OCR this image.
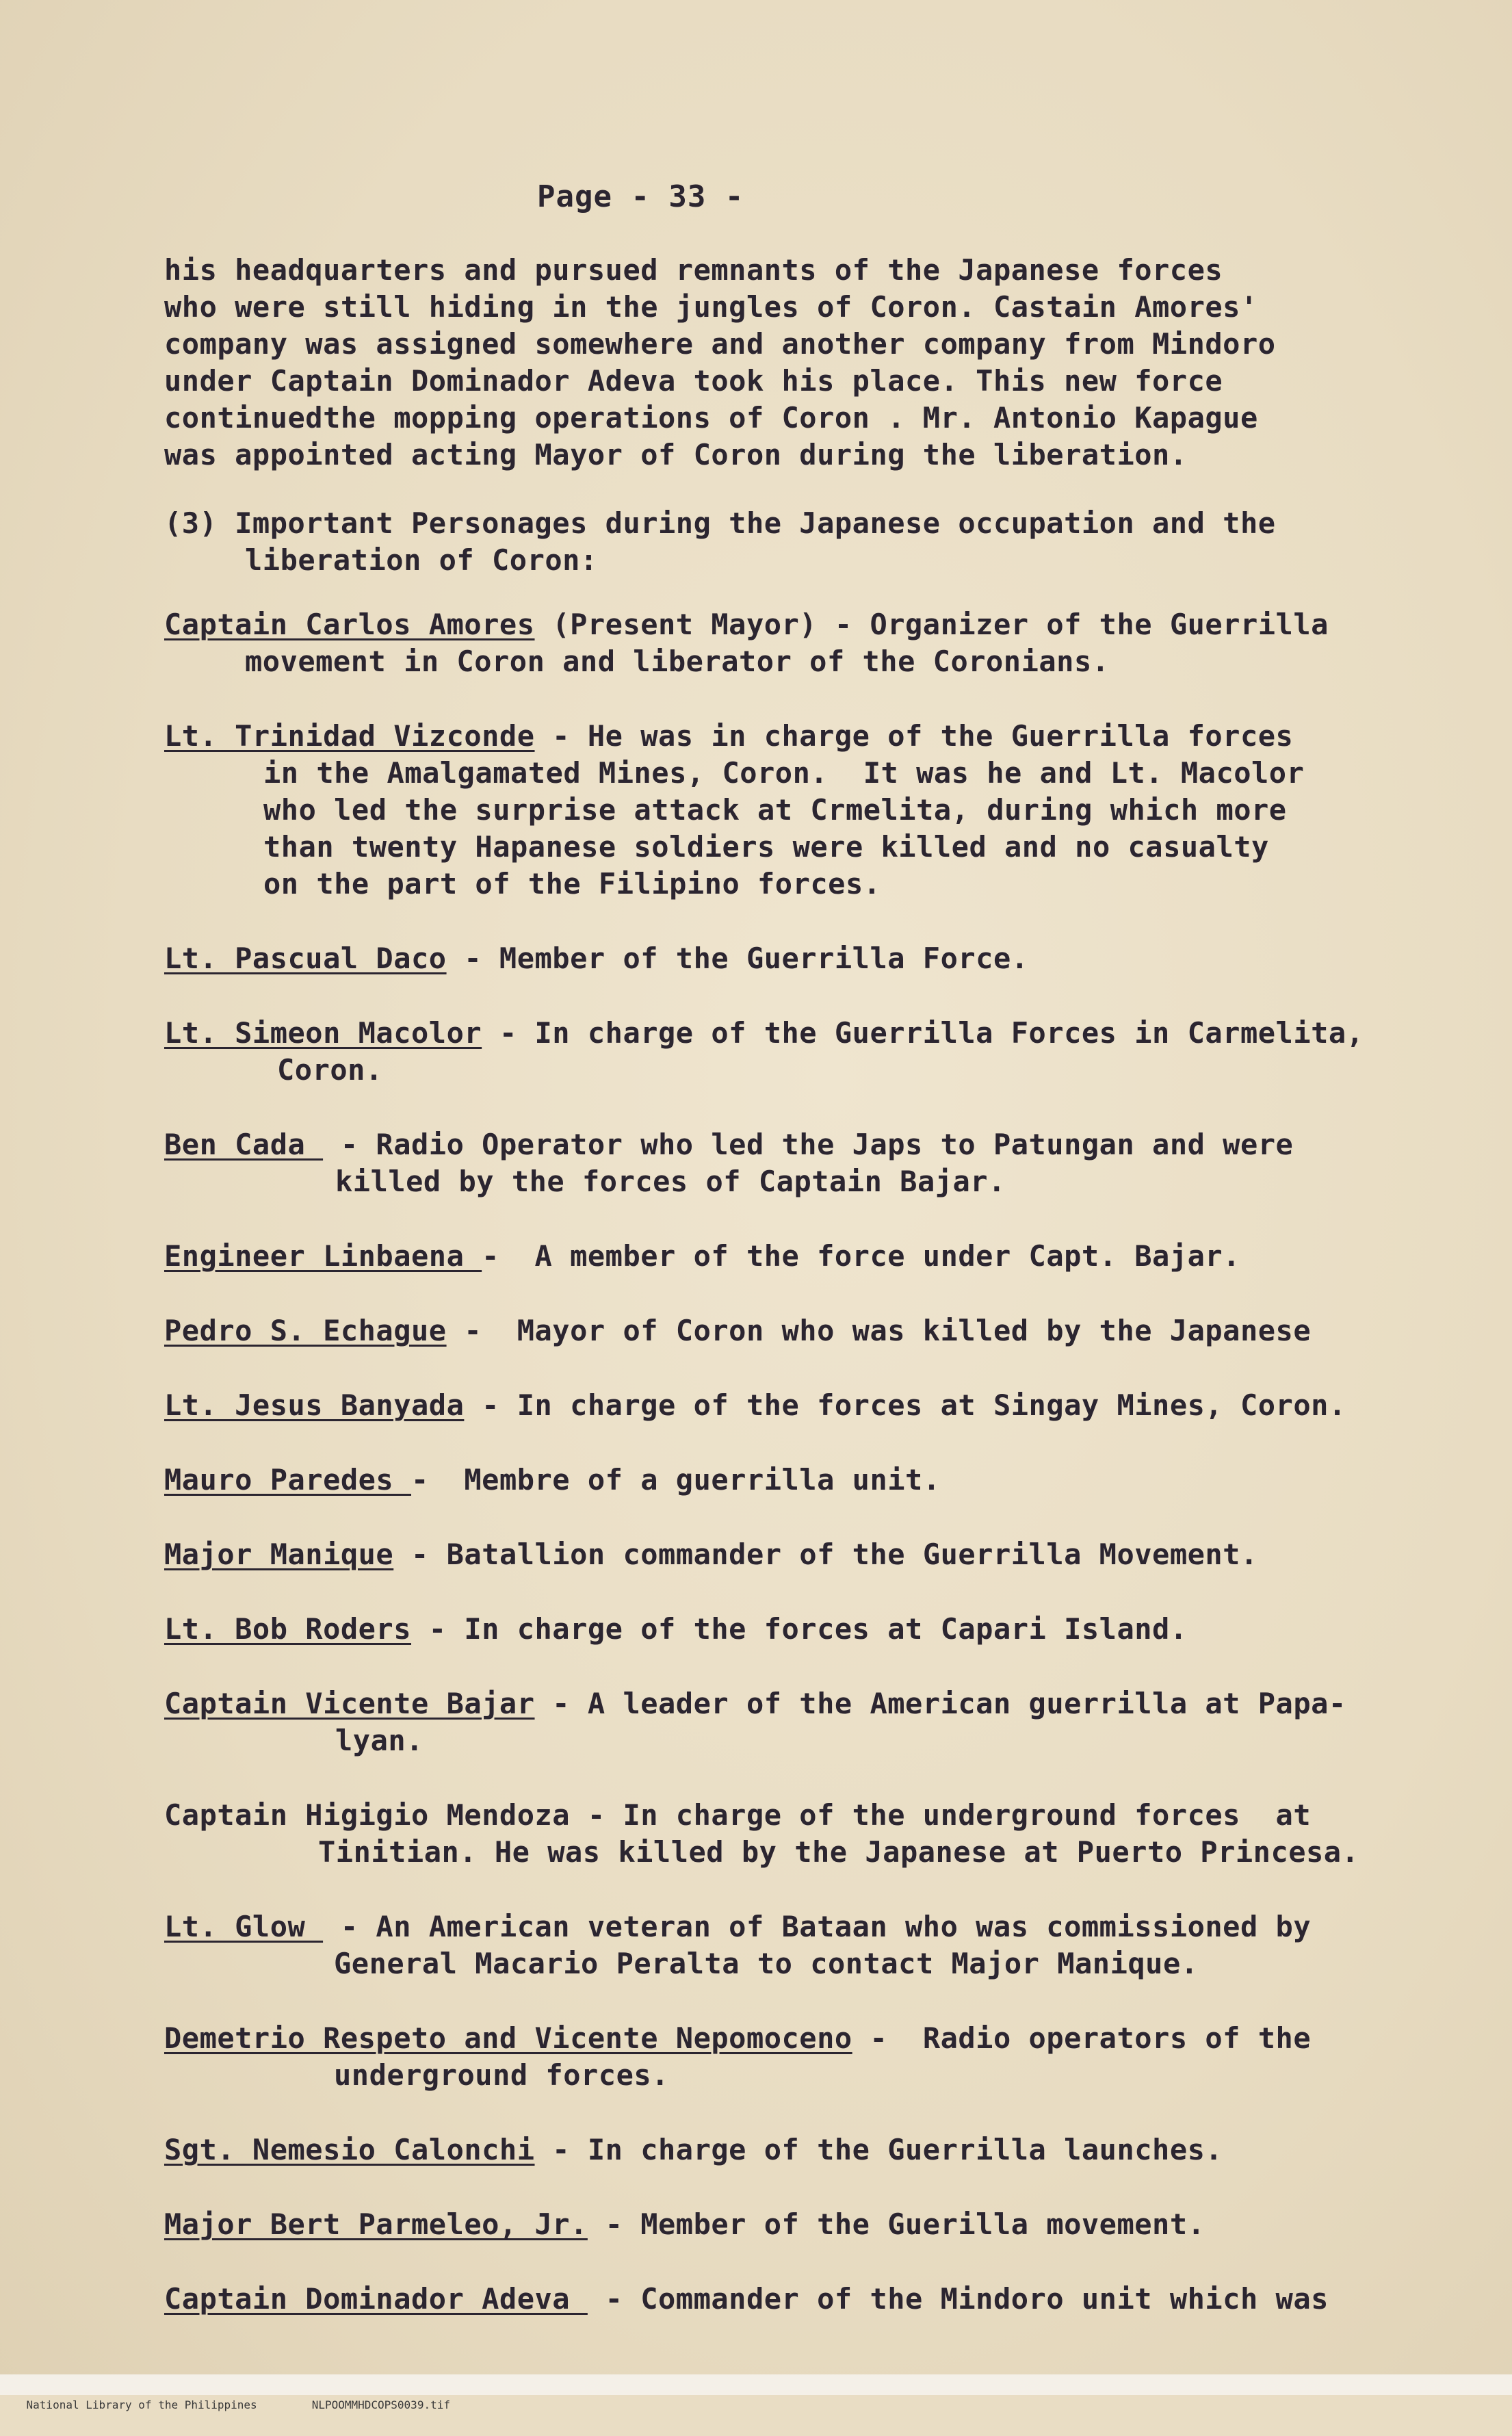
Page - 33 -
his headquarters and pursued remnants of the Japanese forces
who were still hiding in the jungles of Coron. Castain Amores'
company was assigned somewhere and another company from Mindoro
under Captain Dominador Adeva took his place. This new force
continuedthe mopping operations of Coron . Mr. Antonio Kapague
was appointed acting Mayor of Coron during the liberation.
(3) Important Personages during the Japanese occupation and the
liberation of Coron:
Captain Carlos Amores (Present Mayor) - Organizer of the Guerrilla
movement in Coron and liberator of the Coronians.
Lt. Trinidad Vizconde - He was in charge of the Guerrilla forces
in the Amalgamated Mines, Coron.  It was he and Lt. Macolor
who led the surprise attack at Crmelita, during which more
than twenty Hapanese soldiers were killed and no casualty
on the part of the Filipino forces.
Lt. Pascual Daco - Member of the Guerrilla Force.
Lt. Simeon Macolor - In charge of the Guerrilla Forces in Carmelita,
Coron.
Ben Cada  - Radio Operator who led the Japs to Patungan and were
killed by the forces of Captain Bajar.
Engineer Linbaena -  A member of the force under Capt. Bajar.
Pedro S. Echague -  Mayor of Coron who was killed by the Japanese
Lt. Jesus Banyada - In charge of the forces at Singay Mines, Coron.
Mauro Paredes -  Membre of a guerrilla unit.
Major Manique - Batallion commander of the Guerrilla Movement.
Lt. Bob Roders - In charge of the forces at Capari Island.
Captain Vicente Bajar - A leader of the American guerrilla at Papa-
lyan.
Captain Higigio Mendoza - In charge of the underground forces  at
Tinitian. He was killed by the Japanese at Puerto Princesa.
Lt. Glow  - An American veteran of Bataan who was commissioned by
General Macario Peralta to contact Major Manique.
Demetrio Respeto and Vicente Nepomoceno -  Radio operators of the
underground forces.
Sgt. Nemesio Calonchi - In charge of the Guerrilla launches.
Major Bert Parmeleo, Jr. - Member of the Guerilla movement.
Captain Dominador Adeva  - Commander of the Mindoro unit which was

National Library of the Philippines	NLPOOMMHDCOPS0039.tif
